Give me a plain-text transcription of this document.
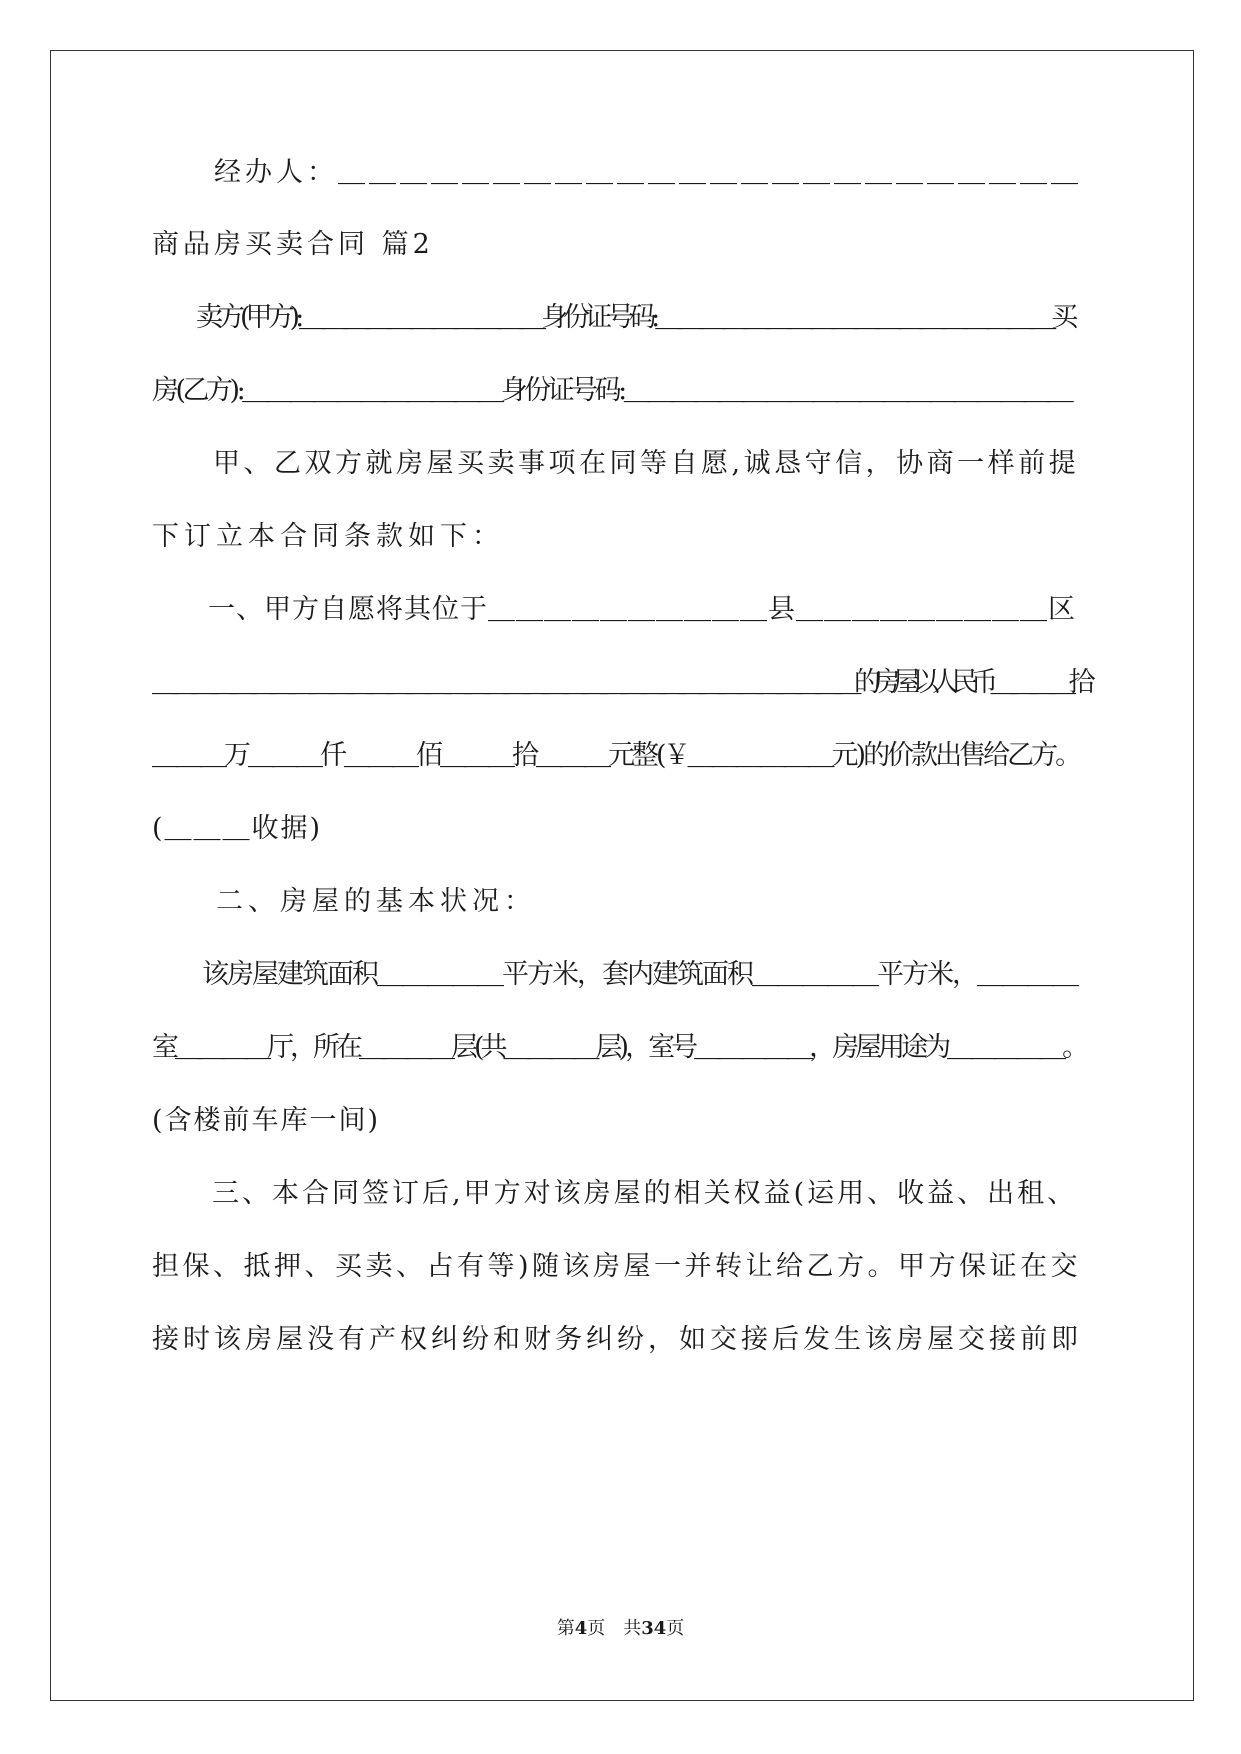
　　经办人：＿＿＿＿＿＿＿＿＿＿＿＿＿＿＿＿＿＿＿＿＿＿＿＿
商品房买卖合同 篇2
　　卖方(甲方):＿＿＿＿＿＿＿＿＿＿＿身份证号码:＿＿＿＿＿＿＿＿＿＿＿＿＿＿＿＿＿＿买
房(乙方):＿＿＿＿＿＿＿＿＿＿＿身份证号码:＿＿＿＿＿＿＿＿＿＿＿＿＿＿＿＿＿＿＿
　　甲、乙双方就房屋买卖事项在同等自愿,诚恳守信，协商一样前提
下订立本合同条款如下：
　　一、甲方自愿将其位于＿＿＿＿＿＿＿＿＿＿县＿＿＿＿＿＿＿＿＿区
＿＿＿＿＿＿＿＿＿＿＿＿＿＿＿＿＿＿＿＿＿＿＿＿＿＿＿＿＿＿＿＿＿＿＿＿的房屋以人民币＿＿＿＿拾
＿＿＿万＿＿＿仟＿＿＿佰＿＿＿拾＿＿＿元整(￥＿＿＿＿＿＿元)的价款出售给乙方。
(＿＿＿收据)
　　二、房屋的基本状况：
　　该房屋建筑面积＿＿＿＿＿平方米，套内建筑面积＿＿＿＿＿平方米，＿＿＿＿
室＿＿＿＿厅，所在＿＿＿＿层(共＿＿＿＿层)，室号＿＿＿＿＿，房屋用途为＿＿＿＿＿。
(含楼前车库一间)
　　三、本合同签订后,甲方对该房屋的相关权益(运用、收益、出租、
担保、抵押、买卖、占有等)随该房屋一并转让给乙方。甲方保证在交
接时该房屋没有产权纠纷和财务纠纷，如交接后发生该房屋交接前即
第4页　共34页
